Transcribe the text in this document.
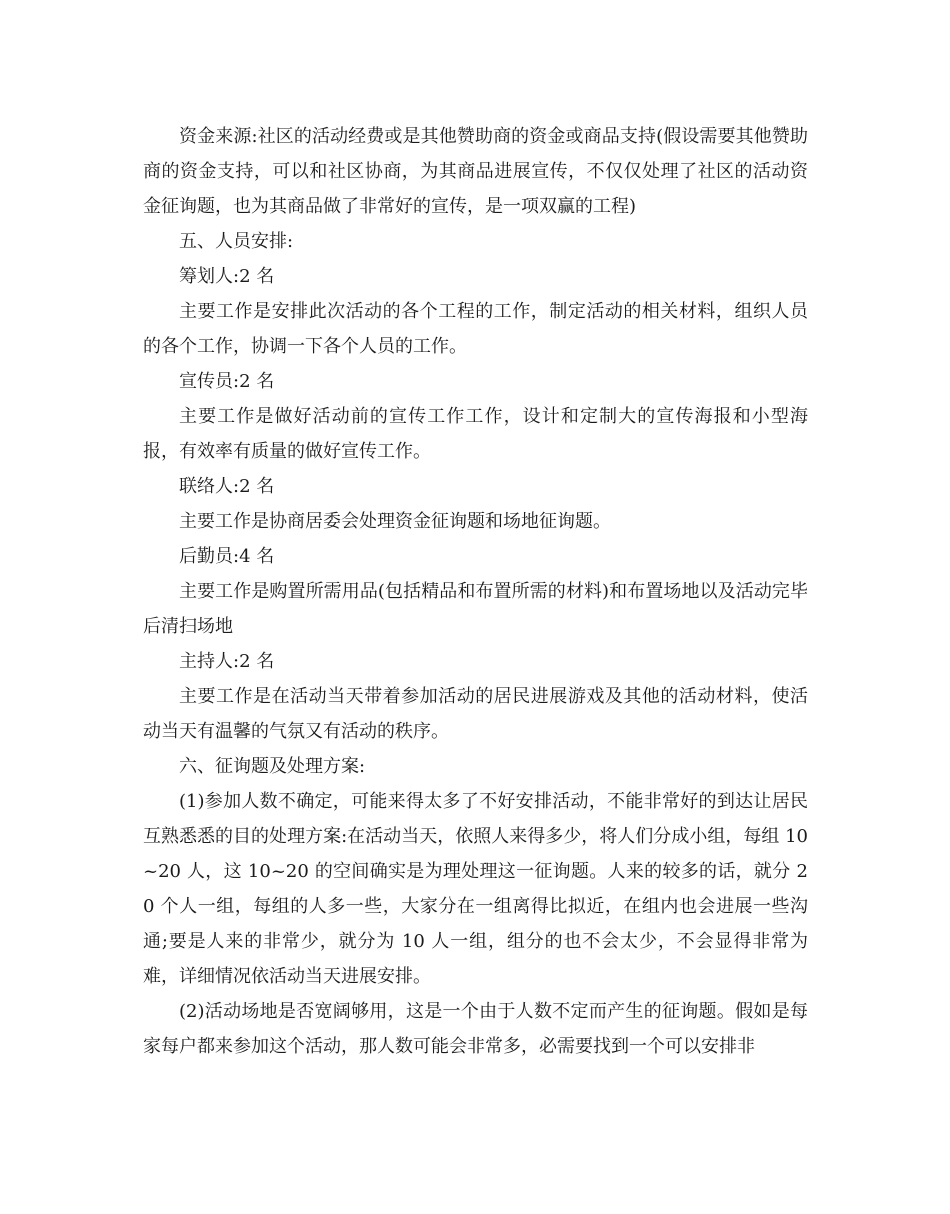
资金来源:社区的活动经费或是其他赞助商的资金或商品支持(假设需要其他赞助商的资金支持，可以和社区协商，为其商品进展宣传，不仅仅处理了社区的活动资金征询题，也为其商品做了非常好的宣传，是一项双赢的工程)

五、人员安排:

筹划人:2 名

主要工作是安排此次活动的各个工程的工作，制定活动的相关材料，组织人员的各个工作，协调一下各个人员的工作。

宣传员:2 名

主要工作是做好活动前的宣传工作工作，设计和定制大的宣传海报和小型海报，有效率有质量的做好宣传工作。

联络人:2 名

主要工作是协商居委会处理资金征询题和场地征询题。

后勤员:4 名

主要工作是购置所需用品(包括精品和布置所需的材料)和布置场地以及活动完毕后清扫场地

主持人:2 名

主要工作是在活动当天带着参加活动的居民进展游戏及其他的活动材料，使活动当天有温馨的气氛又有活动的秩序。

六、征询题及处理方案:

(1)参加人数不确定，可能来得太多了不好安排活动，不能非常好的到达让居民互熟悉悉的目的处理方案:在活动当天，依照人来得多少，将人们分成小组，每组 10~20 人，这 10~20 的空间确实是为理处理这一征询题。人来的较多的话，就分 20 个人一组，每组的人多一些，大家分在一组离得比拟近，在组内也会进展一些沟通;要是人来的非常少，就分为 10 人一组，组分的也不会太少，不会显得非常为难，详细情况依活动当天进展安排。

(2)活动场地是否宽阔够用，这是一个由于人数不定而产生的征询题。假如是每家每户都来参加这个活动，那人数可能会非常多，必需要找到一个可以安排非
